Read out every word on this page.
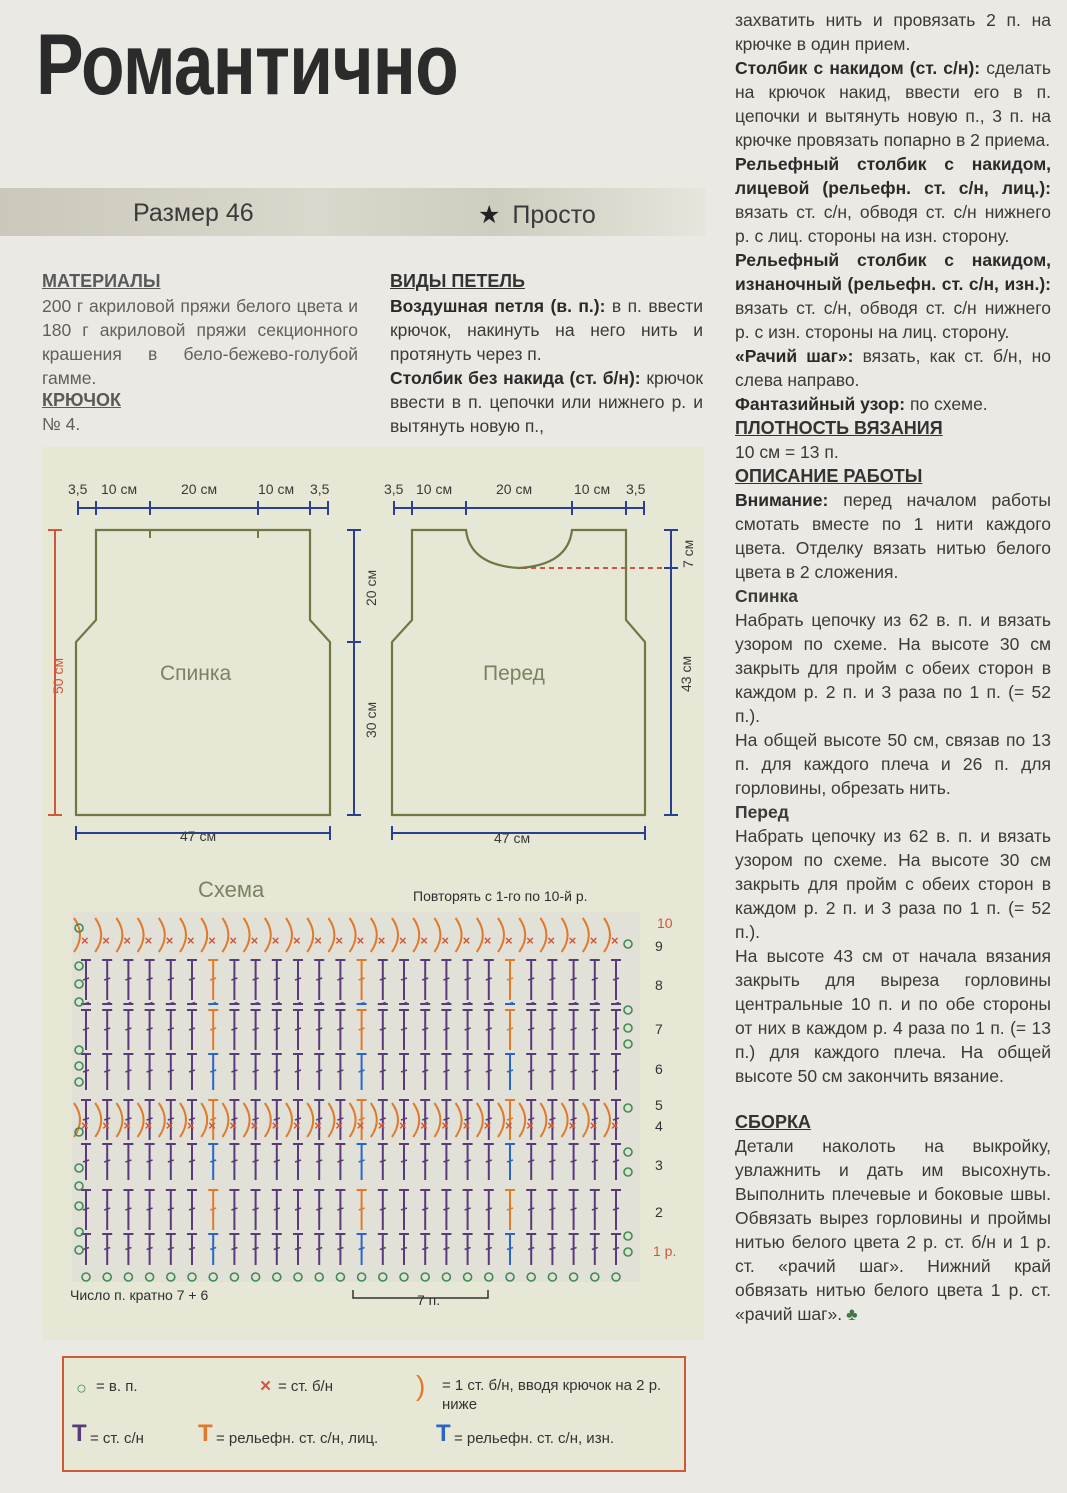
Романтично
Размер 46	★ Просто
МАТЕРИАЛЫ
200 г акриловой пряжи белого цвета и 180 г акриловой пряжи секционного крашения в бело-бежево-голубой гамме.
КРЮЧОК
№ 4.
ВИДЫ ПЕТЕЛЬ
Воздушная петля (в. п.): в п. ввести крючок, накинуть на него нить и протянуть через п.
Столбик без накида (ст. б/н): крючок ввести в п. цепочки или нижнего р. и вытянуть новую п.,

захватить нить и провязать 2 п. на крючке в один прием.

Столбик с накидом (ст. с/н): сделать на крючок накид, ввести его в п. цепочки и вытянуть новую п., 3 п. на крючке провязать попарно в 2 приема.

Рельефный столбик с накидом, лицевой (рельефн. ст. с/н, лиц.): вязать ст. с/н, обводя ст. с/н нижнего р. с лиц. стороны на изн. сторону.

Рельефный столбик с накидом, изнаночный (рельефн. ст. с/н, изн.): вязать ст. с/н, обводя ст. с/н нижнего р. с изн. стороны на лиц. сторону.

«Рачий шаг»: вязать, как ст. б/н, но слева направо.

Фантазийный узор: по схеме.

ПЛОТНОСТЬ ВЯЗАНИЯ

10 см = 13 п.

ОПИСАНИЕ РАБОТЫ

Внимание: перед началом работы смотать вместе по 1 нити каждого цвета. Отделку вязать нитью белого цвета в 2 сложения.

Спинка

Набрать цепочку из 62 в. п. и вязать узором по схеме. На высоте 30 см закрыть для пройм с обеих сторон в каждом р. 2 п. и 3 раза по 1 п. (= 52 п.).

На общей высоте 50 см, связав по 13 п. для каждого плеча и 26 п. для горловины, обрезать нить.

Перед

Набрать цепочку из 62 в. п. и вязать узором по схеме. На высоте 30 см закрыть для пройм с обеих сторон в каждом р. 2 п. и 3 раза по 1 п. (= 52 п.).

На высоте 43 см от начала вязания закрыть для выреза горловины центральные 10 п. и по обе стороны от них в каждом р. 4 раза по 1 п. (= 13 п.) для каждого плеча. На общей высоте 50 см закончить вязание.

СБОРКА

Детали наколоть на выкройку, увлажнить и дать им высохнуть. Выполнить плечевые и боковые швы. Обвязать вырез горловины и проймы нитью белого цвета 2 р. ст. б/н и 1 р. ст. «рачий шаг». Нижний край обвязать нитью белого цвета 1 р. ст. «рачий шаг». ♣

3,5 10 см	20 см	10 см 3,5	3,5 10 см	20 см	10 см 3,5
47 см	47 см
Спинка	Перед
50 см
20 см
30 см
7 см
43 см
Схема	Повторять с 1-го по 10-й р.
× × × × × × × × × × × × × × × × × × × × × × × × × ×
× × × × × × × × × × × × × × × × × × × × × × × × × ×
10
9
8
7
6
5
4
3
2
1 р.
Число п. кратно 7 + 6	7 п.
○ = в. п.	× = ст. б/н	) = 1 ст. б/н, вводя крючок на 2 р. ниже
T = ст. с/н T = рельефн. ст. с/н, лиц. T = рельефн. ст. с/н, изн.
